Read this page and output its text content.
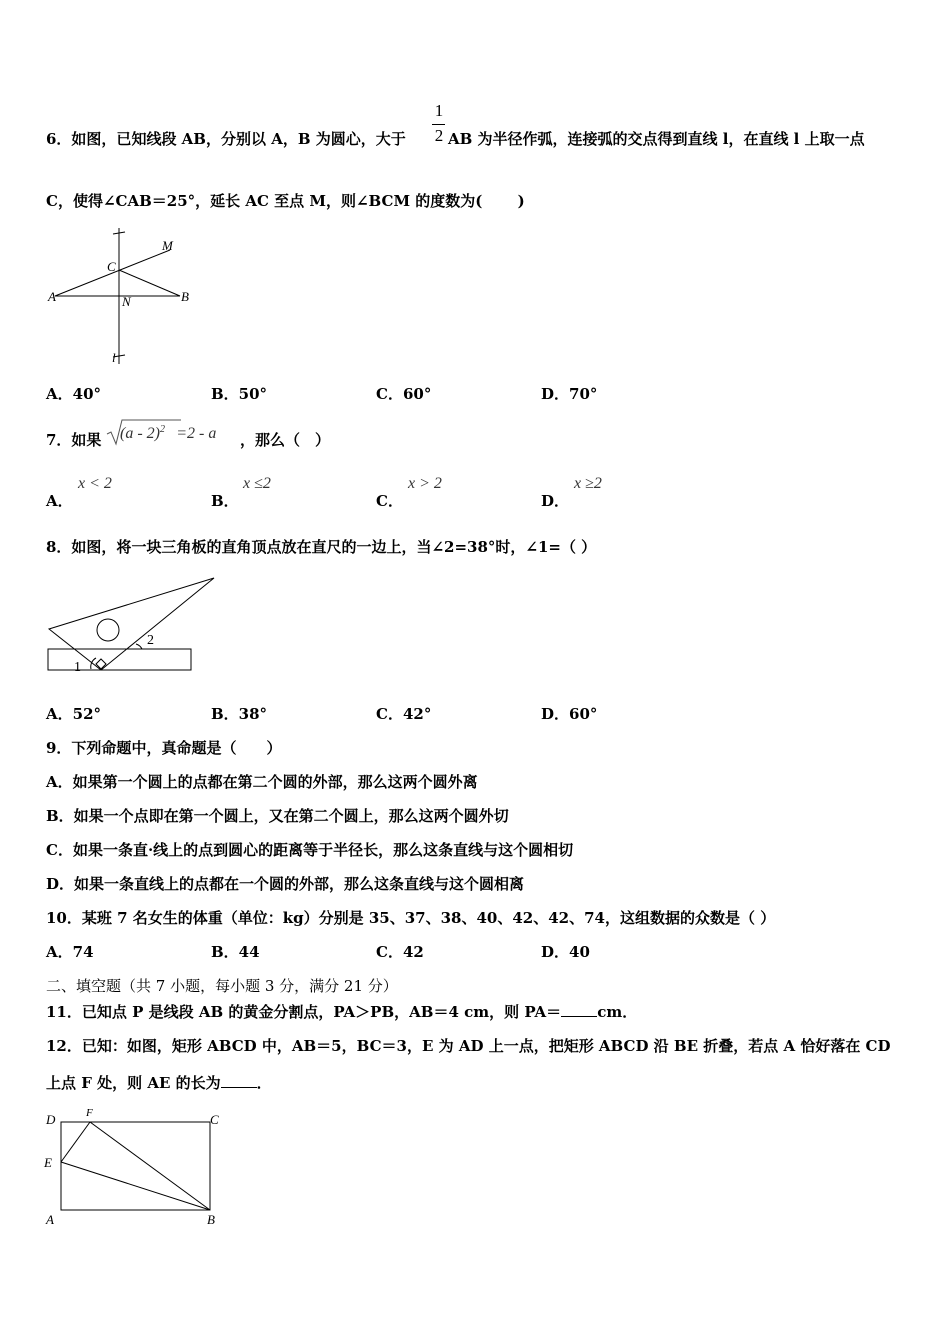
1
2
6．如图，已知线段 AB，分别以 A，B 为圆心，大于	AB 为半径作弧，连接弧的交点得到直线 l，在直线 l 上取一点
C，使得∠CAB＝25°，延长 AC 至点 M，则∠BCM 的度数为(　　 )
M
C
A	N	B
l
A．40°	B．50°	C．60°	D．70°
7．如果 (a - 2)$^2$ =2 - a ，那么（　）
A．
x < 2
B．
x ≤2
C．
x > 2
D．
x ≥2
8．如图，将一块三角板的直角顶点放在直尺的一边上，当∠2=38°时，∠1=（ ）
1
2
A．52°	B．38°	C．42°	D．60°
9．下列命题中，真命题是（　　）
A．如果第一个圆上的点都在第二个圆的外部，那么这两个圆外离
B．如果一个点即在第一个圆上，又在第二个圆上，那么这两个圆外切
C．如果一条直·线上的点到圆心的距离等于半径长，那么这条直线与这个圆相切
D．如果一条直线上的点都在一个圆的外部，那么这条直线与这个圆相离
10．某班 7 名女生的体重（单位：kg）分别是 35、37、38、40、42、42、74，这组数据的众数是（ ）
A．74	B．44	C．42	D．40
二、填空题（共 7 小题，每小题 3 分，满分 21 分）
11．已知点 P 是线段 AB 的黄金分割点，PA＞PB，AB＝4 cm，则 PA＝ cm．
12．已知：如图，矩形 ABCD 中，AB＝5，BC＝3，E 为 AD 上一点，把矩形 ABCD 沿 BE 折叠，若点 A 恰好落在 CD
上点 F 处，则 AE 的长为 ．
D	F	C
E
A	B
